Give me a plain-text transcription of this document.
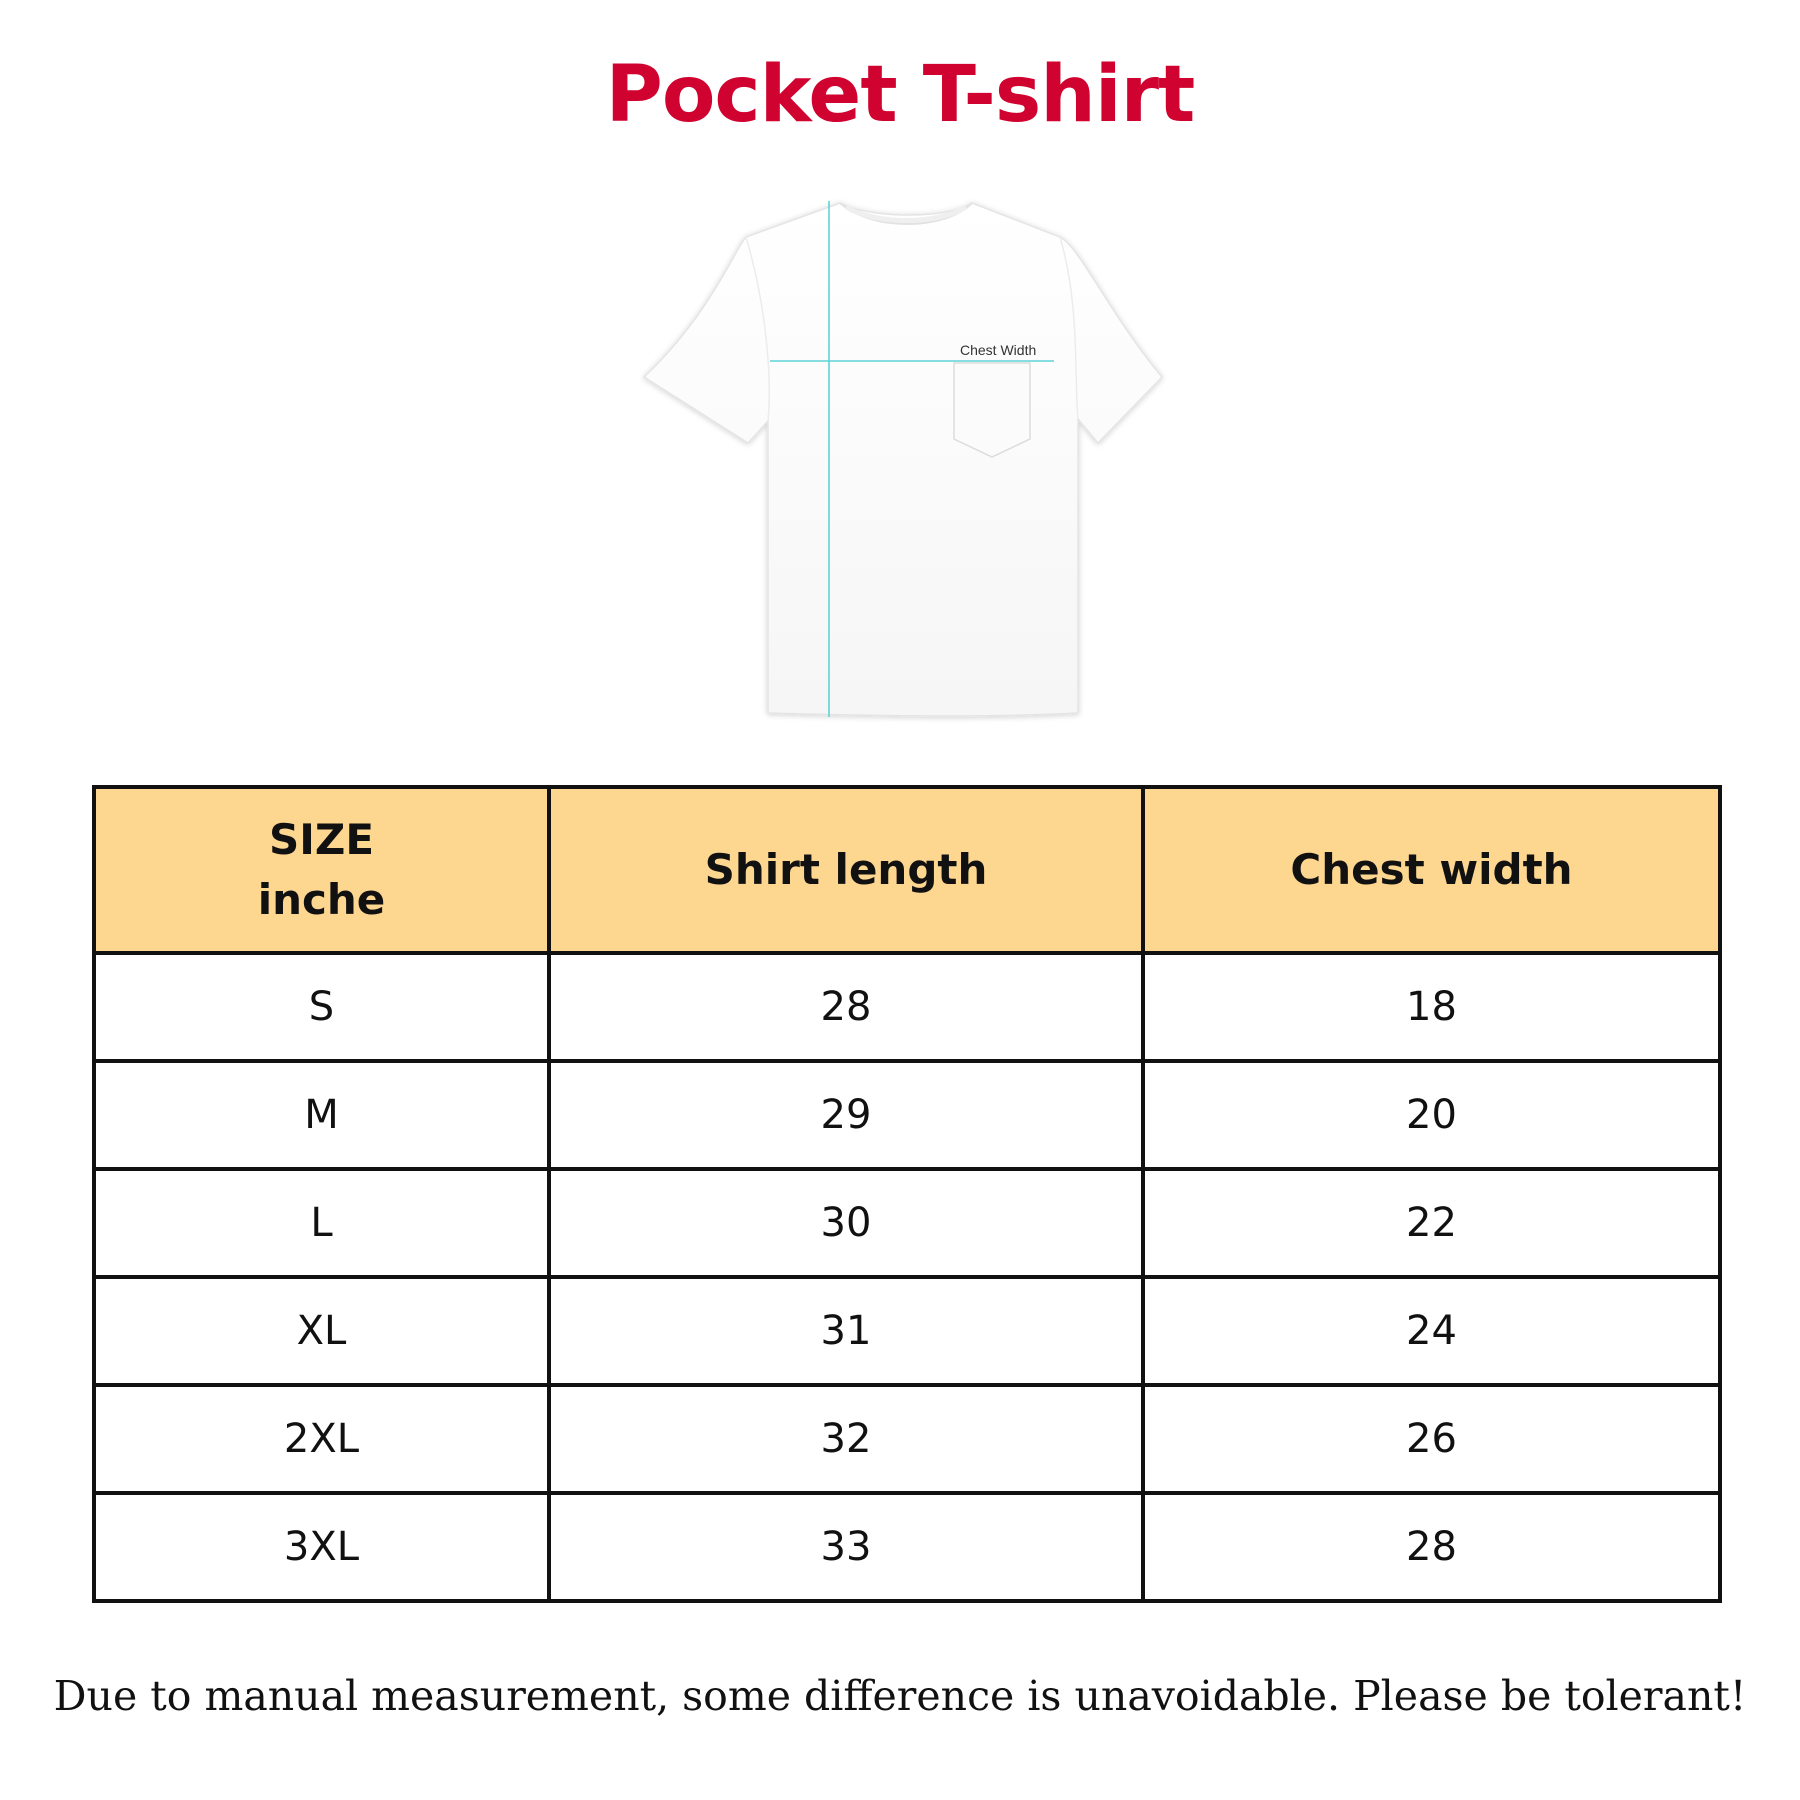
Pocket T-shirt
Chest Width
SIZE
inche	Shirt length	Chest width
S	28	18
M	29	20
L	30	22
XL	31	24
2XL	32	26
3XL	33	28

Due to manual measurement, some difference is unavoidable. Please be tolerant!
